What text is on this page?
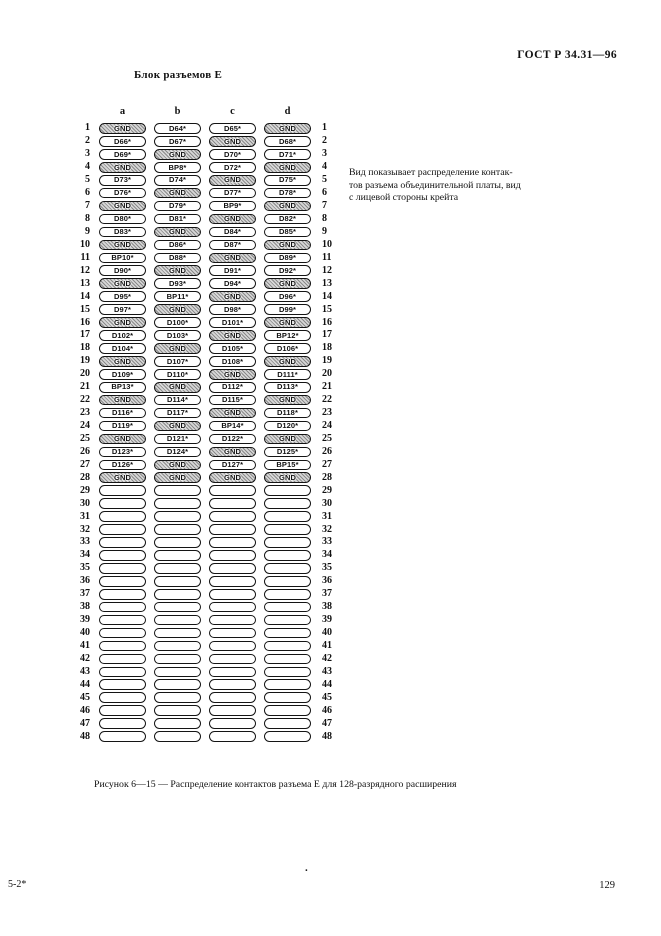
ГОСТ Р 34.31—96
Блок разъемов Е
a	b	c	d
1	GND	D64*	D65*	GND	1
2	D66*	D67*	GND	D68*	2
3	D69*	GND	D70*	D71*	3
4	GND	BP8*	D72*	GND	4
5	D73*	D74*	GND	D75*	5
6	D76*	GND	D77*	D78*	6
7	GND	D79*	BP9*	GND	7
8	D80*	D81*	GND	D82*	8
9	D83*	GND	D84*	D85*	9
10	GND	D86*	D87*	GND	10
11	BP10*	D88*	GND	D89*	11
12	D90*	GND	D91*	D92*	12
13	GND	D93*	D94*	GND	13
14	D95*	BP11*	GND	D96*	14
15	D97*	GND	D98*	D99*	15
16	GND	D100*	D101*	GND	16
17	D102*	D103*	GND	BP12*	17
18	D104*	GND	D105*	D106*	18
19	GND	D107*	D108*	GND	19
20	D109*	D110*	GND	D111*	20
21	BP13*	GND	D112*	D113*	21
22	GND	D114*	D115*	GND	22
23	D116*	D117*	GND	D118*	23
24	D119*	GND	BP14*	D120*	24
25	GND	D121*	D122*	GND	25
26	D123*	D124*	GND	D125*	26
27	D126*	GND	D127*	BP15*	27
28	GND	GND	GND	GND	28
29	29
30	30
31	31
32	32
33	33
34	34
35	35
36	36
37	37
38	38
39	39
40	40
41	41
42	42
43	43
44	44
45	45
46	46
47	47
48	48
Вид показывает распределение контак-
тов разъема объединительной платы, вид
с лицевой стороны крейта
Рисунок 6—15 — Распределение контактов разъема Е для 128-разрядного расширения
.
5-2*	129
